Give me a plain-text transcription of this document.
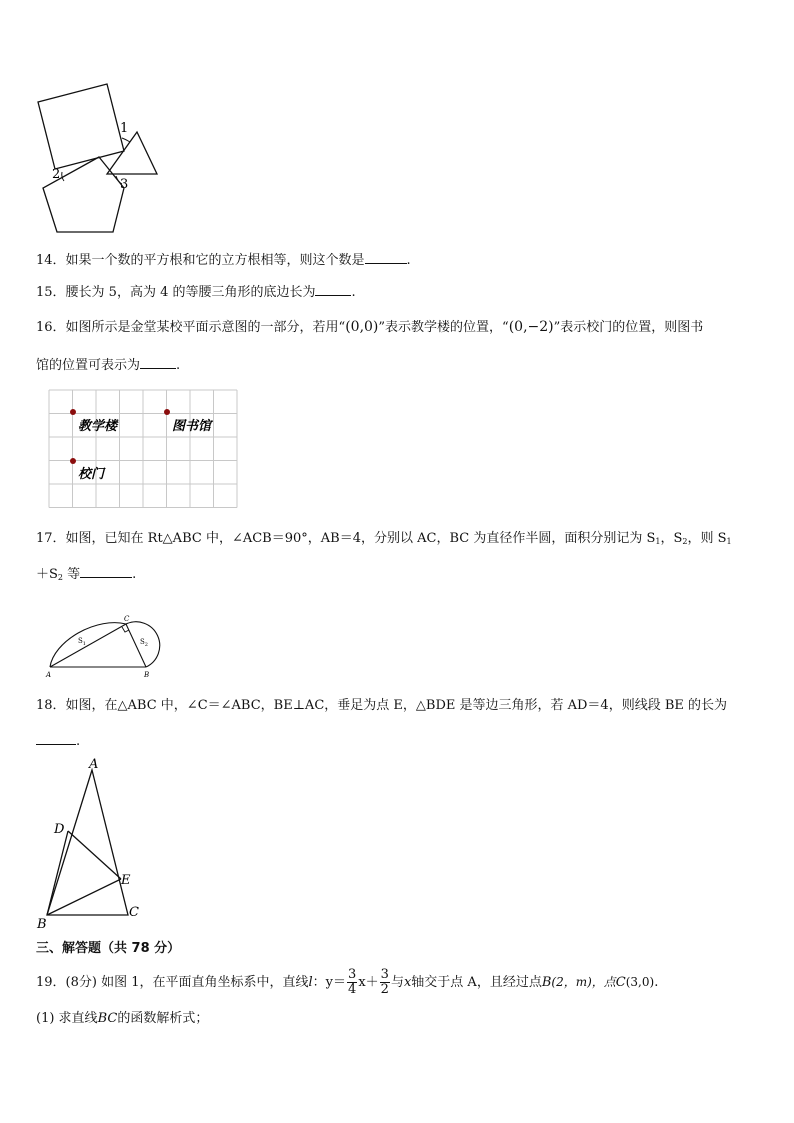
1
2
3
14．如果一个数的平方根和它的立方根相等，则这个数是	.
15．腰长为 5，高为 4 的等腰三角形的底边长为	.
16．如图所示是金堂某校平面示意图的一部分，若用“(0,0)”表示教学楼的位置，“(0,−2)”表示校门的位置，则图书
馆的位置可表示为	.
教学楼	图书馆
校门
17．如图，已知在 Rt△ABC 中，∠ACB＝90°，AB＝4，分别以 AC，BC 为直径作半圆，面积分别记为 $S_1$，$S_2$，则 $S_1$
$+S_2$ 等	.
A	B
C
$S_1$	$S_2$
18．如图，在△ABC 中，∠C＝∠ABC，BE⊥AC，垂足为点 E，△BDE 是等边三角形，若 AD＝4，则线段 BE 的长为
.
A
B
C
D
E
三、解答题（共 78 分）
19．(8分) 如图 1，在平面直角坐标系中，直线l：$y= \frac{3}{4} x+ \frac{3}{2}$ 与x轴交于点 A，且经过点B(2，m)，点C(3,0).
(1) 求直线BC的函数解析式；
